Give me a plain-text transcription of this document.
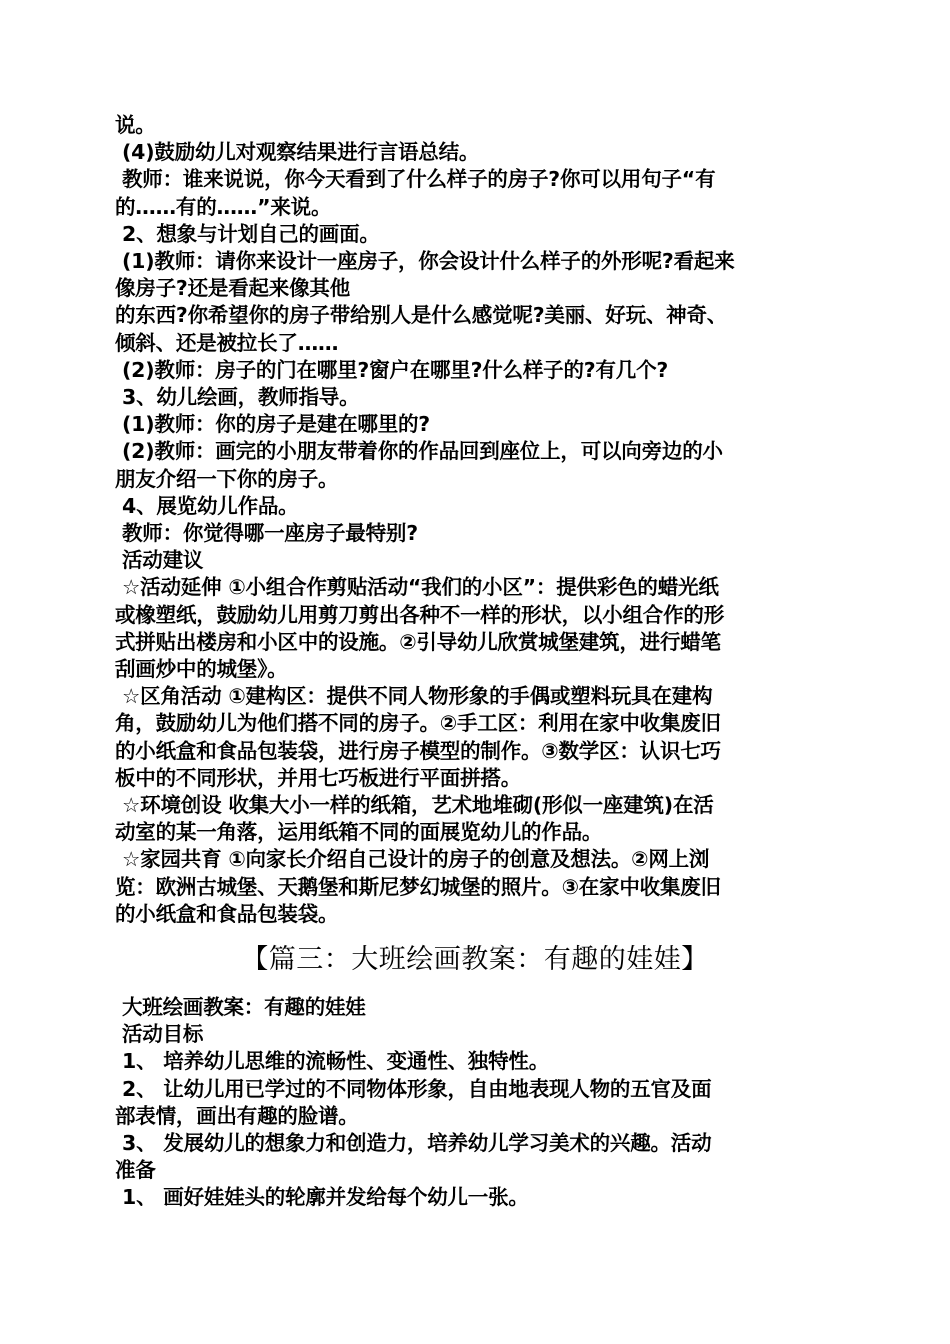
说。
(4)鼓励幼儿对观察结果进行言语总结。
教师：谁来说说，你今天看到了什么样子的房子?你可以用句子“有
的……有的……”来说。
2、想象与计划自己的画面。
(1)教师：请你来设计一座房子，你会设计什么样子的外形呢?看起来
像房子?还是看起来像其他
的东西?你希望你的房子带给别人是什么感觉呢?美丽、好玩、神奇、
倾斜、还是被拉长了……
(2)教师：房子的门在哪里?窗户在哪里?什么样子的?有几个?
3、幼儿绘画，教师指导。
(1)教师：你的房子是建在哪里的?
(2)教师：画完的小朋友带着你的作品回到座位上，可以向旁边的小
朋友介绍一下你的房子。
4、展览幼儿作品。
教师：你觉得哪一座房子最特别?
活动建议
☆活动延伸 ①小组合作剪贴活动“我们的小区”：提供彩色的蜡光纸
或橡塑纸，鼓励幼儿用剪刀剪出各种不一样的形状，以小组合作的形
式拼贴出楼房和小区中的设施。②引导幼儿欣赏城堡建筑，进行蜡笔
刮画炒中的城堡》。
☆区角活动 ①建构区：提供不同人物形象的手偶或塑料玩具在建构
角，鼓励幼儿为他们搭不同的房子。②手工区：利用在家中收集废旧
的小纸盒和食品包装袋，进行房子模型的制作。③数学区：认识七巧
板中的不同形状，并用七巧板进行平面拼搭。
☆环境创设 收集大小一样的纸箱，艺术地堆砌(形似一座建筑)在活
动室的某一角落，运用纸箱不同的面展览幼儿的作品。
☆家园共育 ①向家长介绍自己设计的房子的创意及想法。②网上浏
览：欧洲古城堡、天鹅堡和斯尼梦幻城堡的照片。③在家中收集废旧
的小纸盒和食品包装袋。
【篇三：大班绘画教案：有趣的娃娃】
大班绘画教案：有趣的娃娃
活动目标
1、 培养幼儿思维的流畅性、变通性、独特性。
2、 让幼儿用已学过的不同物体形象，自由地表现人物的五官及面
部表情，画出有趣的脸谱。
3、 发展幼儿的想象力和创造力，培养幼儿学习美术的兴趣。活动
准备
1、 画好娃娃头的轮廓并发给每个幼儿一张。
